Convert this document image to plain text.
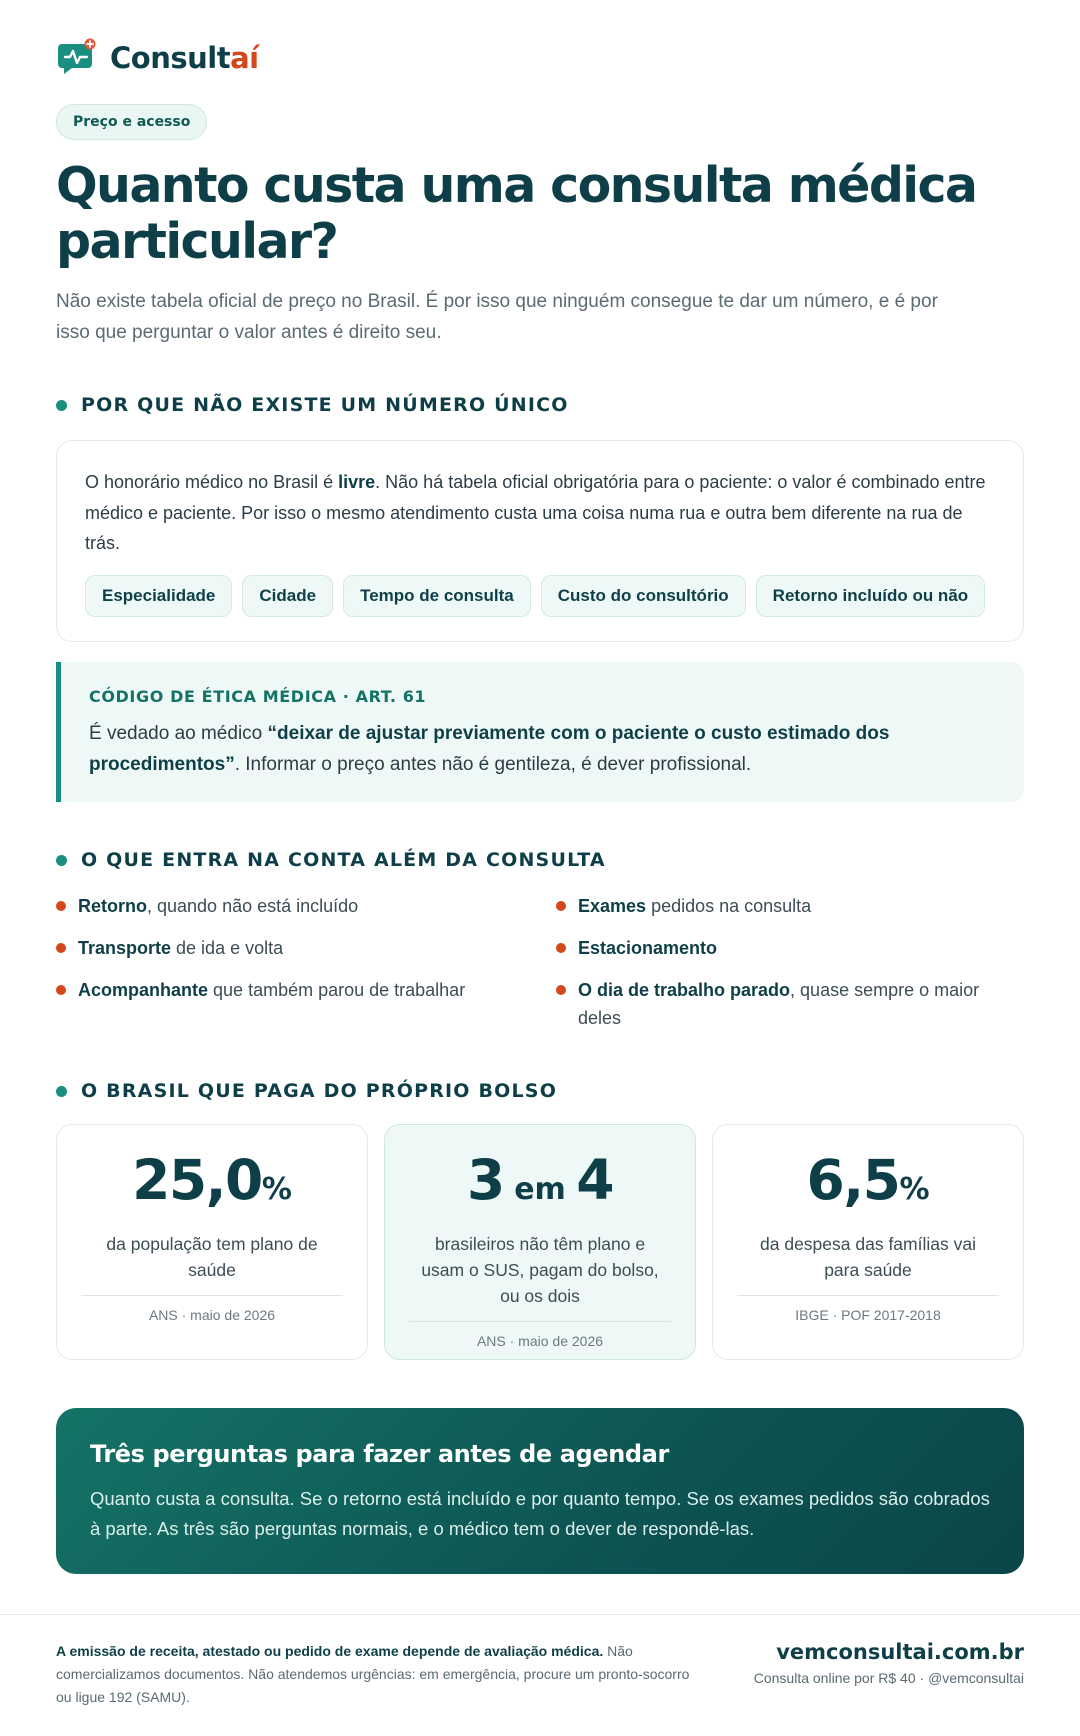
Consultaí
Preço e acesso
Quanto custa uma consulta médica particular?

Não existe tabela oficial de preço no Brasil. É por isso que ninguém consegue te dar um número, e é por isso que perguntar o valor antes é direito seu.

POR QUE NÃO EXISTE UM NÚMERO ÚNICO

O honorário médico no Brasil é livre. Não há tabela oficial obrigatória para o paciente: o valor é combinado entre médico e paciente. Por isso o mesmo atendimento custa uma coisa numa rua e outra bem diferente na rua de trás.

Especialidade	Cidade	Tempo de consulta	Custo do consultório	Retorno incluído ou não
CÓDIGO DE ÉTICA MÉDICA · ART. 61
É vedado ao médico “deixar de ajustar previamente com o paciente o custo estimado dos procedimentos”. Informar o preço antes não é gentileza, é dever profissional.
O QUE ENTRA NA CONTA ALÉM DA CONSULTA
Retorno, quando não está incluído	Exames pedidos na consulta
Transporte de ida e volta	Estacionamento
Acompanhante que também parou de trabalhar	O dia de trabalho parado, quase sempre o maior deles
O BRASIL QUE PAGA DO PRÓPRIO BOLSO
25,0%
da população tem plano de saúde
ANS · maio de 2026
3 em 4
brasileiros não têm plano e usam o SUS, pagam do bolso, ou os dois
ANS · maio de 2026
6,5%
da despesa das famílias vai para saúde
IBGE · POF 2017-2018
Três perguntas para fazer antes de agendar
Quanto custa a consulta. Se o retorno está incluído e por quanto tempo. Se os exames pedidos são cobrados à parte. As três são perguntas normais, e o médico tem o dever de respondê-las.
A emissão de receita, atestado ou pedido de exame depende de avaliação médica. Não comercializamos documentos. Não atendemos urgências: em emergência, procure um pronto-socorro ou ligue 192 (SAMU).
vemconsultai.com.br
Consulta online por R$ 40 · @vemconsultai
